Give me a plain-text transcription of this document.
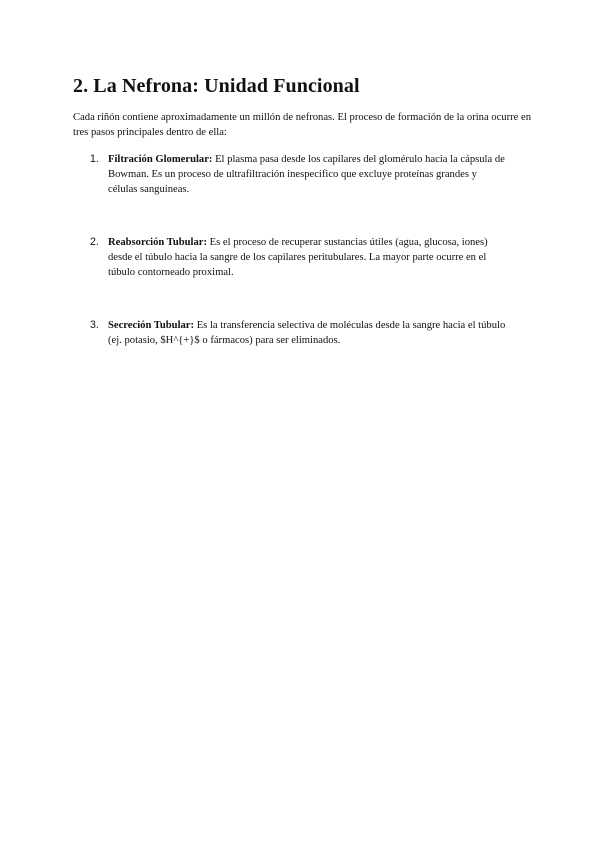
2. La Nefrona: Unidad Funcional

Cada riñón contiene aproximadamente un millón de nefronas. El proceso de formación de la orina ocurre en tres pasos principales dentro de ella:

1. Filtración Glomerular: El plasma pasa desde los capilares del glomérulo hacia la cápsula de Bowman. Es un proceso de ultrafiltración inespecífico que excluye proteínas grandes y células sanguíneas.
2. Reabsorción Tubular: Es el proceso de recuperar sustancias útiles (agua, glucosa, iones) desde el túbulo hacia la sangre de los capilares peritubulares. La mayor parte ocurre en el túbulo contorneado proximal.
3. Secreción Tubular: Es la transferencia selectiva de moléculas desde la sangre hacia el túbulo (ej. potasio, $H^{+}$ o fármacos) para ser eliminados.
